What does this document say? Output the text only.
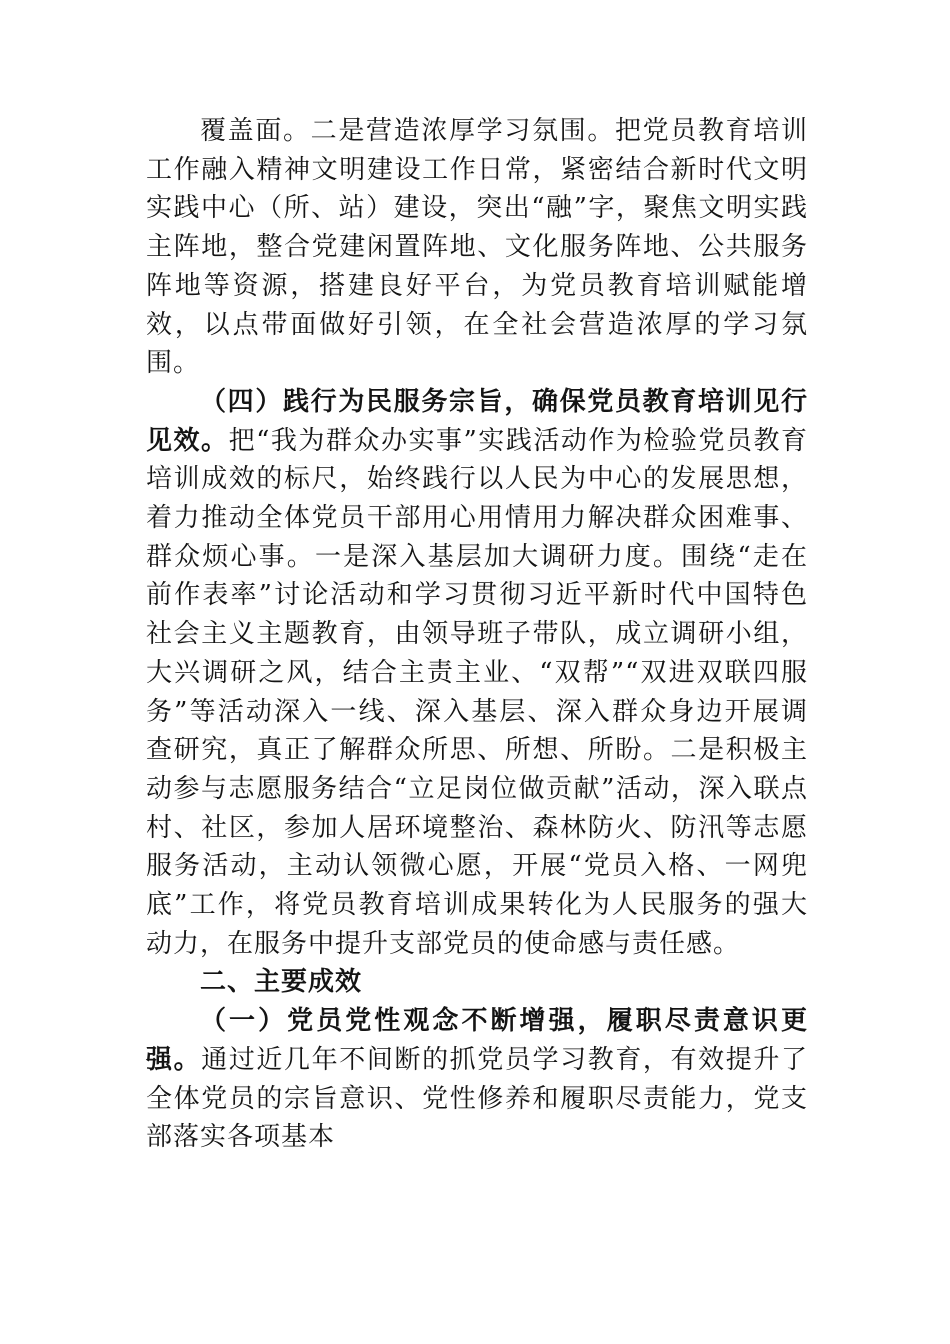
覆盖面。二是营造浓厚学习氛围。把党员教育培训工作融入精神文明建设工作日常，紧密结合新时代文明实践中心（所、站）建设，突出“融”字，聚焦文明实践主阵地，整合党建闲置阵地、文化服务阵地、公共服务阵地等资源，搭建良好平台，为党员教育培训赋能增效，以点带面做好引领，在全社会营造浓厚的学习氛围。

（四）践行为民服务宗旨，确保党员教育培训见行见效。把“我为群众办实事”实践活动作为检验党员教育培训成效的标尺，始终践行以人民为中心的发展思想，着力推动全体党员干部用心用情用力解决群众困难事、群众烦心事。一是深入基层加大调研力度。围绕“走在前作表率”讨论活动和学习贯彻习近平新时代中国特色社会主义主题教育，由领导班子带队，成立调研小组，大兴调研之风，结合主责主业、“双帮”“双进双联四服务”等活动深入一线、深入基层、深入群众身边开展调查研究，真正了解群众所思、所想、所盼。二是积极主动参与志愿服务结合“立足岗位做贡献”活动，深入联点村、社区，参加人居环境整治、森林防火、防汛等志愿服务活动，主动认领微心愿，开展“党员入格、一网兜底”工作，将党员教育培训成果转化为人民服务的强大动力，在服务中提升支部党员的使命感与责任感。

二、主要成效

（一）党员党性观念不断增强，履职尽责意识更强。通过近几年不间断的抓党员学习教育，有效提升了全体党员的宗旨意识、党性修养和履职尽责能力，党支部落实各项基本
